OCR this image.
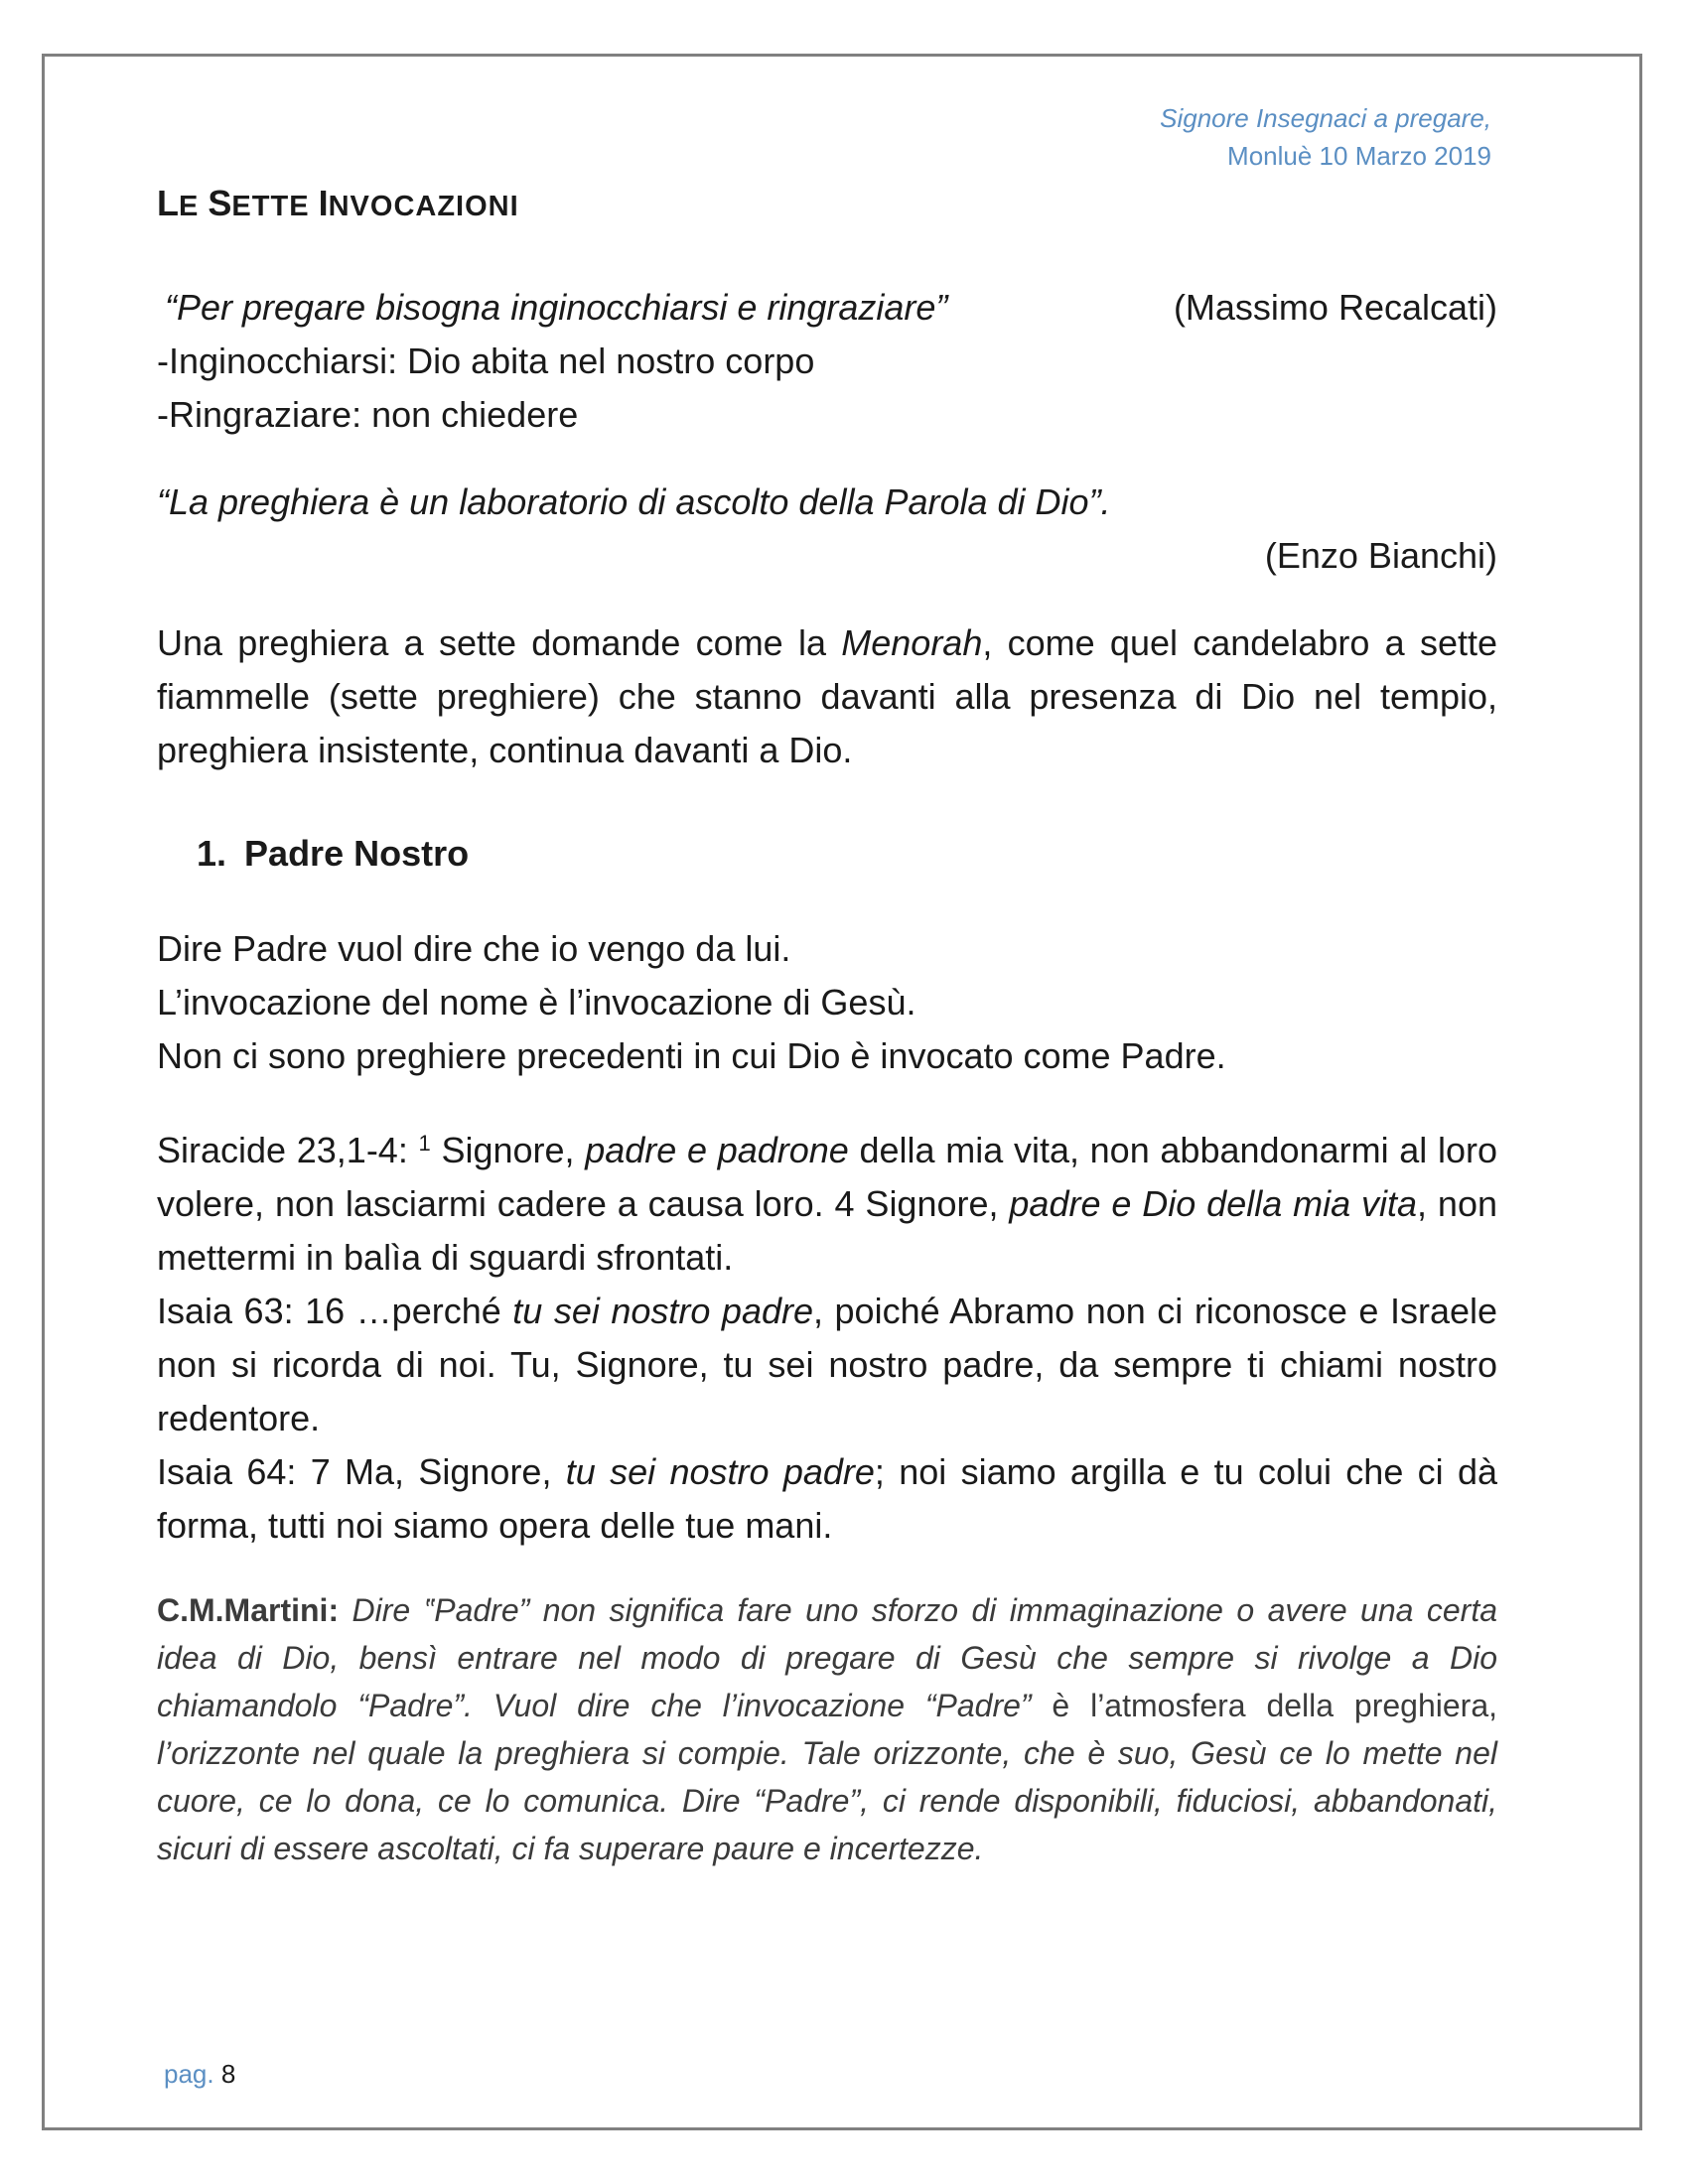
Signore Insegnaci a pregare,
Monluè 10 Marzo 2019
LE SETTE INVOCAZIONI
“Per pregare bisogna inginocchiarsi e ringraziare”	(Massimo Recalcati)
-Inginocchiarsi: Dio abita nel nostro corpo
-Ringraziare: non chiedere
“La preghiera è un laboratorio di ascolto della Parola di Dio”.
(Enzo Bianchi)

Una preghiera a sette domande come la Menorah, come quel candelabro a sette fiammelle (sette preghiere) che stanno davanti alla presenza di Dio nel tempio, preghiera insistente, continua davanti a Dio.

1. Padre Nostro
Dire Padre vuol dire che io vengo da lui.
L’invocazione del nome è l’invocazione di Gesù.
Non ci sono preghiere precedenti in cui Dio è invocato come Padre.

Siracide 23,1-4: $^1$ Signore, padre e padrone della mia vita, non abbandonarmi al loro volere, non lasciarmi cadere a causa loro. 4 Signore, padre e Dio della mia vita, non mettermi in balìa di sguardi sfrontati.

Isaia 63: 16 …perché tu sei nostro padre, poiché Abramo non ci riconosce e Israele non si ricorda di noi. Tu, Signore, tu sei nostro padre, da sempre ti chiami nostro redentore.

Isaia 64: 7 Ma, Signore, tu sei nostro padre; noi siamo argilla e tu colui che ci dà forma, tutti noi siamo opera delle tue mani.

C.M.Martini: Dire ‟Padre” non significa fare uno sforzo di immaginazione o avere una certa idea di Dio, bensì entrare nel modo di pregare di Gesù che sempre si rivolge a Dio chiamandolo “Padre”. Vuol dire che l’invocazione “Padre” è l’atmosfera della preghiera, l’orizzonte nel quale la preghiera si compie. Tale orizzonte, che è suo, Gesù ce lo mette nel cuore, ce lo dona, ce lo comunica. Dire “Padre”, ci rende disponibili, fiduciosi, abbandonati, sicuri di essere ascoltati, ci fa superare paure e incertezze.

pag. 8
